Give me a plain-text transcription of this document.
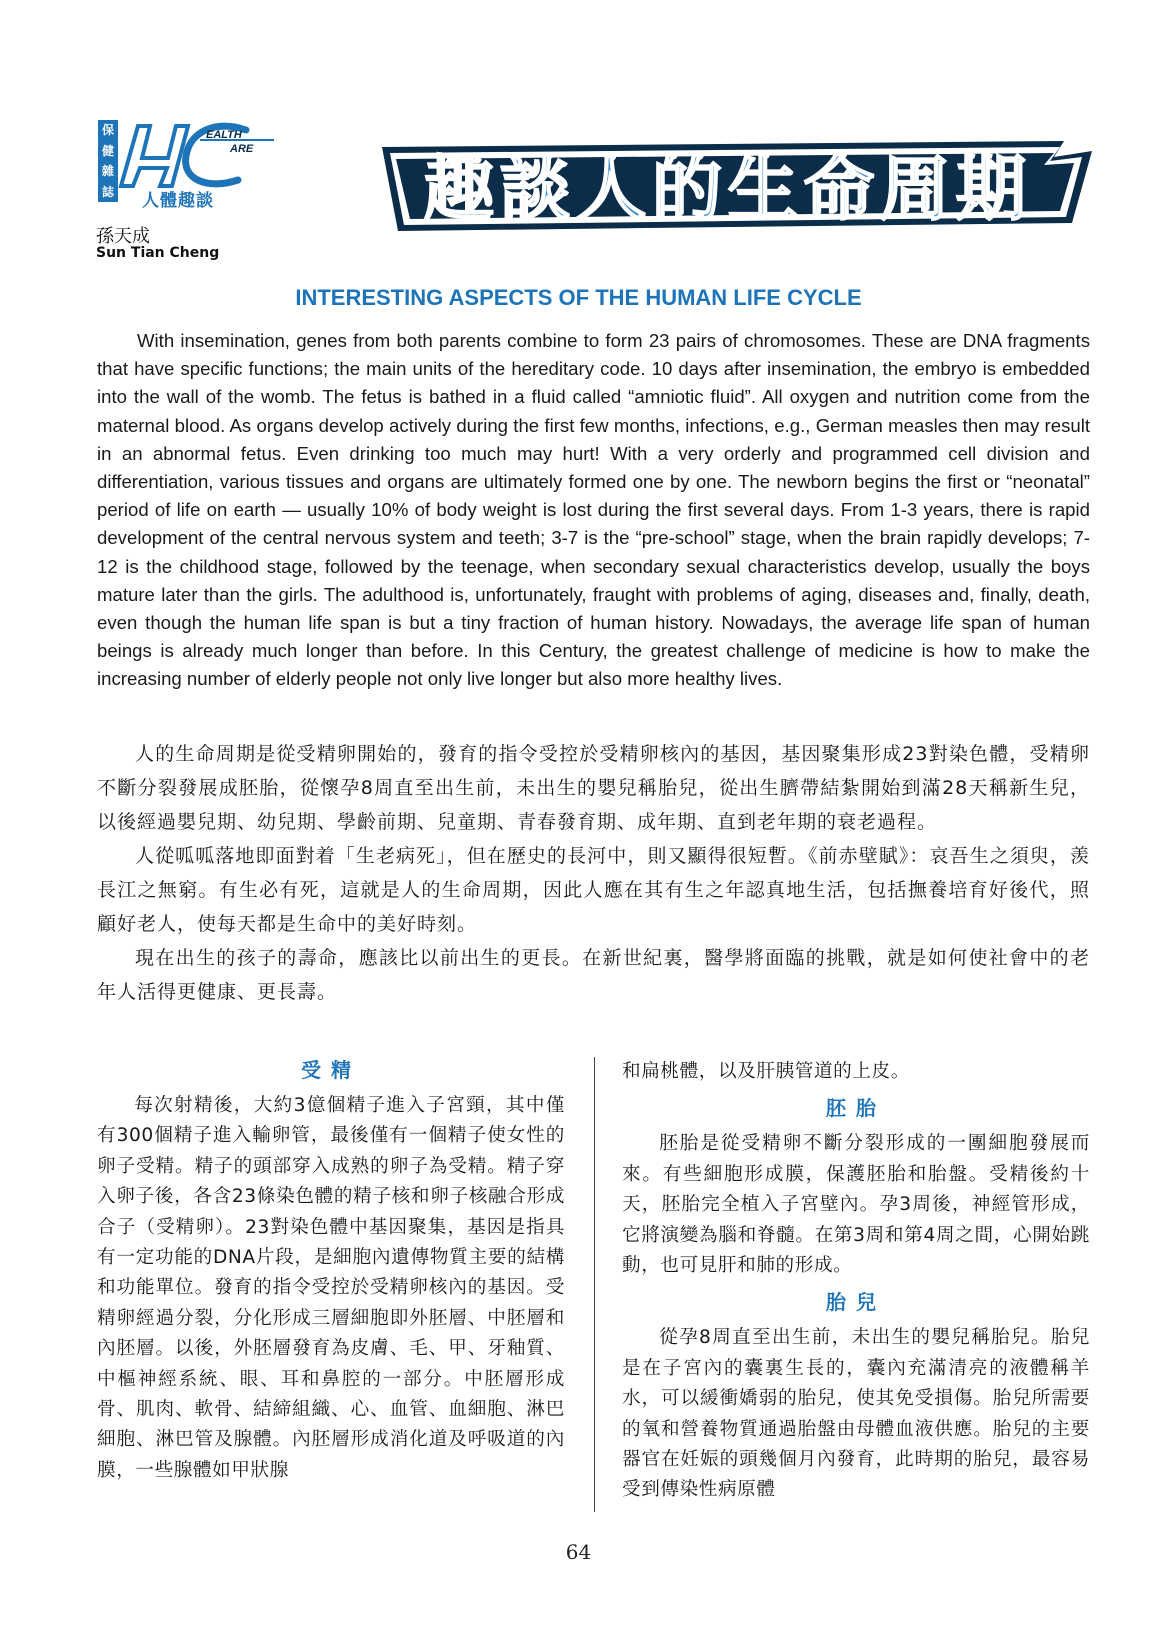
EALTH
ARE
保
健
雜
誌 人體趣談
孫天成
Sun Tian Cheng
趣談人的生命周期
INTERESTING ASPECTS OF THE HUMAN LIFE CYCLE

With insemination, genes from both parents combine to form 23 pairs of chromosomes. These are DNA fragments that have specific functions; the main units of the hereditary code. 10 days after insemination, the embryo is embedded into the wall of the womb. The fetus is bathed in a fluid called “amniotic fluid”. All oxygen and nutrition come from the maternal blood. As organs develop actively during the first few months, infections, e.g., German measles then may result in an abnormal fetus. Even drinking too much may hurt! With a very orderly and programmed cell division and differentiation, various tissues and organs are ultimately formed one by one. The newborn begins the first or “neonatal” period of life on earth — usually 10% of body weight is lost during the first several days. From 1-3 years, there is rapid development of the central nervous system and teeth; 3-7 is the “pre-school” stage, when the brain rapidly develops; 7-12 is the childhood stage, followed by the teenage, when secondary sexual characteristics develop, usually the boys mature later than the girls. The adulthood is, unfortunately, fraught with problems of aging, diseases and, finally, death, even though the human life span is but a tiny fraction of human history. Nowadays, the average life span of human beings is already much longer than before. In this Century, the greatest challenge of medicine is how to make the increasing number of elderly people not only live longer but also more healthy lives.

人的生命周期是從受精卵開始的，發育的指令受控於受精卵核內的基因，基因聚集形成23對染色體，受精卵不斷分裂發展成胚胎，從懷孕8周直至出生前，未出生的嬰兒稱胎兒，從出生臍帶結紮開始到滿28天稱新生兒，以後經過嬰兒期、幼兒期、學齡前期、兒童期、青春發育期、成年期、直到老年期的衰老過程。

人從呱呱落地即面對着「生老病死」，但在歷史的長河中，則又顯得很短暫。《前赤壁賦》：哀吾生之須臾，羡長江之無窮。有生必有死，這就是人的生命周期，因此人應在其有生之年認真地生活，包括撫養培育好後代，照顧好老人，使每天都是生命中的美好時刻。

現在出生的孩子的壽命，應該比以前出生的更長。在新世紀裏，醫學將面臨的挑戰，就是如何使社會中的老年人活得更健康、更長壽。

受精

每次射精後，大約3億個精子進入子宮頸，其中僅有300個精子進入輸卵管，最後僅有一個精子使女性的卵子受精。精子的頭部穿入成熟的卵子為受精。精子穿入卵子後，各含23條染色體的精子核和卵子核融合形成合子（受精卵）。23對染色體中基因聚集，基因是指具有一定功能的DNA片段，是細胞內遺傳物質主要的結構和功能單位。發育的指令受控於受精卵核內的基因。受精卵經過分裂，分化形成三層細胞即外胚層、中胚層和內胚層。以後，外胚層發育為皮膚、毛、甲、牙釉質、中樞神經系統、眼、耳和鼻腔的一部分。中胚層形成骨、肌肉、軟骨、結締組織、心、血管、血細胞、淋巴細胞、淋巴管及腺體。內胚層形成消化道及呼吸道的內膜，一些腺體如甲狀腺

和扁桃體，以及肝胰管道的上皮。

胚胎

胚胎是從受精卵不斷分裂形成的一團細胞發展而來。有些細胞形成膜，保護胚胎和胎盤。受精後約十天，胚胎完全植入子宮壁內。孕3周後，神經管形成，它將演變為腦和脊髓。在第3周和第4周之間，心開始跳動，也可見肝和肺的形成。

胎兒

從孕8周直至出生前，未出生的嬰兒稱胎兒。胎兒是在子宮內的囊裏生長的，囊內充滿清亮的液體稱羊水，可以緩衝嬌弱的胎兒，使其免受損傷。胎兒所需要的氧和營養物質通過胎盤由母體血液供應。胎兒的主要器官在妊娠的頭幾個月內發育，此時期的胎兒，最容易受到傳染性病原體

64
